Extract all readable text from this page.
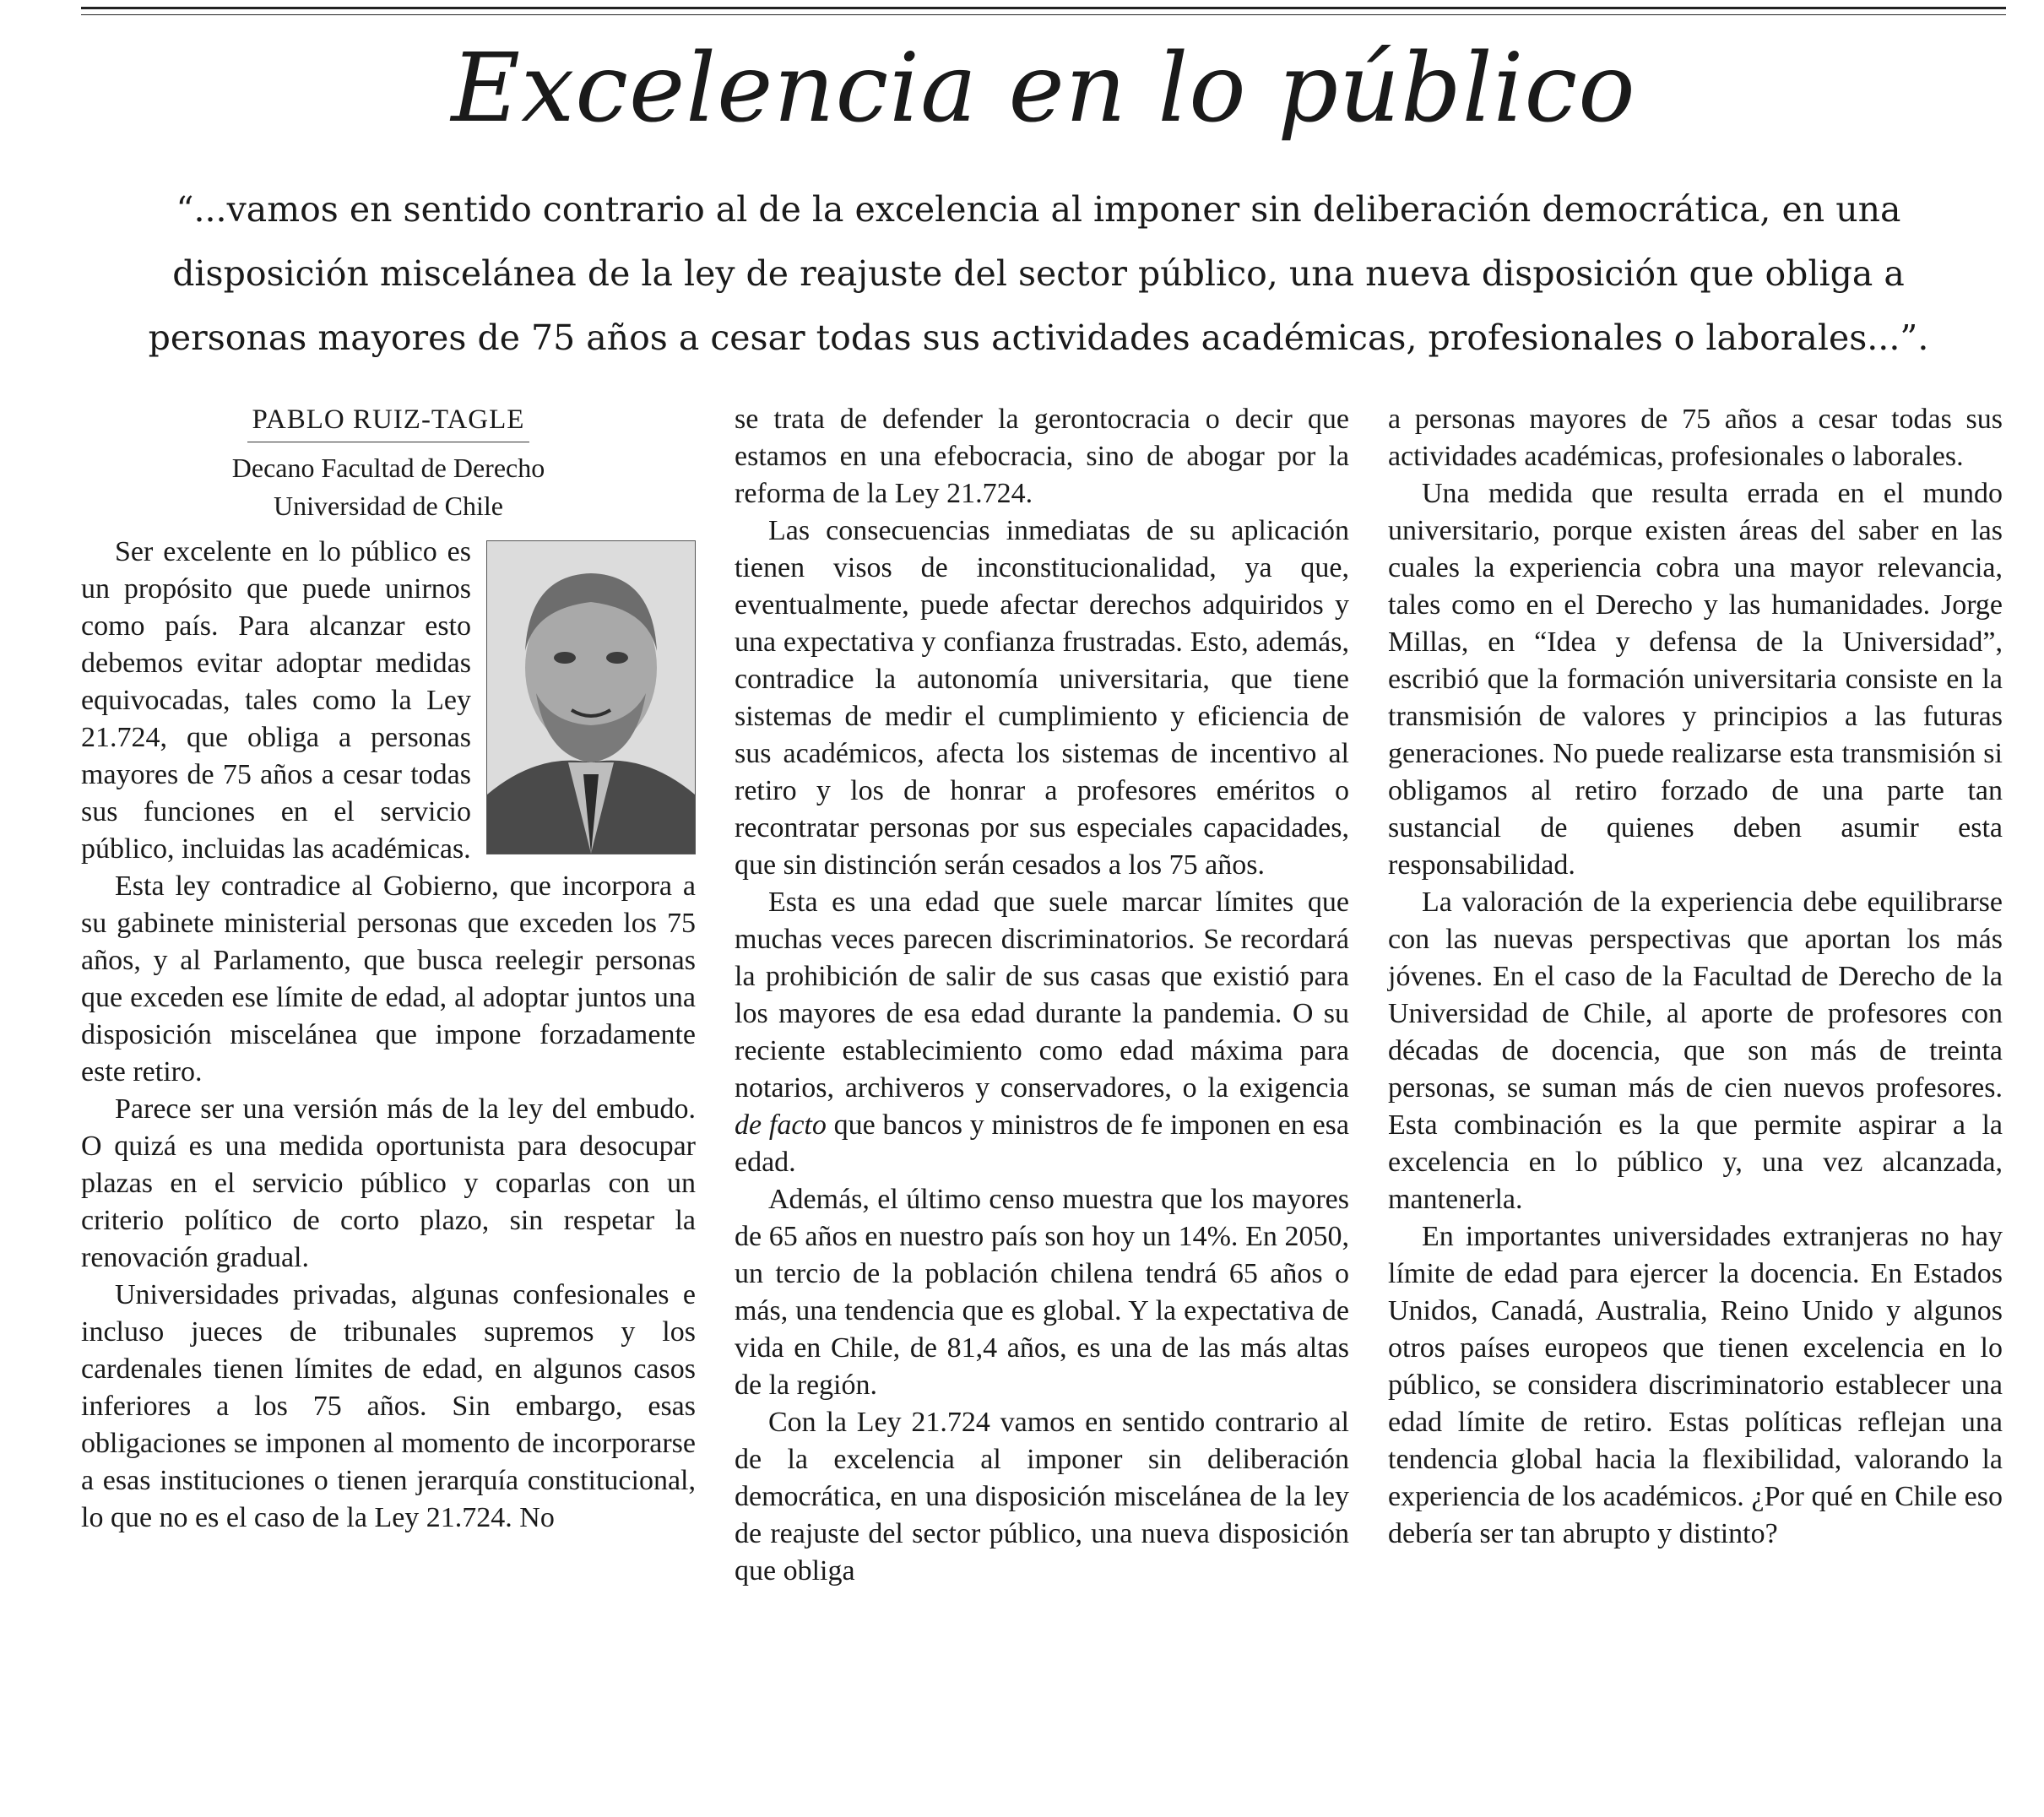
Excelencia en lo público

“...vamos en sentido contrario al de la excelencia al imponer sin deliberación democrática, en una disposición miscelánea de la ley de reajuste del sector público, una nueva disposición que obliga a personas mayores de 75 años a cesar todas sus actividades académicas, profesionales o laborales...”.

PABLO RUIZ-TAGLE
Decano Facultad de Derecho
Universidad de Chile

Ser excelente en lo público es un propósito que puede unirnos como país. Para alcanzar esto debemos evitar adoptar medidas equivocadas, tales como la Ley 21.724, que obliga a personas mayores de 75 años a cesar todas sus funciones en el servicio público, incluidas las académicas.

Esta ley contradice al Gobierno, que incorpora a su gabinete ministerial personas que exceden los 75 años, y al Parlamento, que busca reelegir personas que exceden ese límite de edad, al adoptar juntos una disposición miscelánea que impone forzadamente este retiro.

Parece ser una versión más de la ley del embudo. O quizá es una medida oportunista para desocupar plazas en el servicio público y coparlas con un criterio político de corto plazo, sin respetar la renovación gradual.

Universidades privadas, algunas confesionales e incluso jueces de tribunales supremos y los cardenales tienen límites de edad, en algunos casos inferiores a los 75 años. Sin embargo, esas obligaciones se imponen al momento de incorporarse a esas instituciones o tienen jerarquía constitucional, lo que no es el caso de la Ley 21.724. No

se trata de defender la gerontocracia o decir que estamos en una efebocracia, sino de abogar por la reforma de la Ley 21.724.

Las consecuencias inmediatas de su aplicación tienen visos de inconstitucionalidad, ya que, eventualmente, puede afectar derechos adquiridos y una expectativa y confianza frustradas. Esto, además, contradice la autonomía universitaria, que tiene sistemas de medir el cumplimiento y eficiencia de sus académicos, afecta los sistemas de incentivo al retiro y los de honrar a profesores eméritos o recontratar personas por sus especiales capacidades, que sin distinción serán cesados a los 75 años.

Esta es una edad que suele marcar límites que muchas veces parecen discriminatorios. Se recordará la prohibición de salir de sus casas que existió para los mayores de esa edad durante la pandemia. O su reciente establecimiento como edad máxima para notarios, archiveros y conservadores, o la exigencia de facto que bancos y ministros de fe imponen en esa edad.

Además, el último censo muestra que los mayores de 65 años en nuestro país son hoy un 14%. En 2050, un tercio de la población chilena tendrá 65 años o más, una tendencia que es global. Y la expectativa de vida en Chile, de 81,4 años, es una de las más altas de la región.

Con la Ley 21.724 vamos en sentido contrario al de la excelencia al imponer sin deliberación democrática, en una disposición miscelánea de la ley de reajuste del sector público, una nueva disposición que obliga

a personas mayores de 75 años a cesar todas sus actividades académicas, profesionales o laborales.

Una medida que resulta errada en el mundo universitario, porque existen áreas del saber en las cuales la experiencia cobra una mayor relevancia, tales como en el Derecho y las humanidades. Jorge Millas, en “Idea y defensa de la Universidad”, escribió que la formación universitaria consiste en la transmisión de valores y principios a las futuras generaciones. No puede realizarse esta transmisión si obligamos al retiro forzado de una parte tan sustancial de quienes deben asumir esta responsabilidad.

La valoración de la experiencia debe equilibrarse con las nuevas perspectivas que aportan los más jóvenes. En el caso de la Facultad de Derecho de la Universidad de Chile, al aporte de profesores con décadas de docencia, que son más de treinta personas, se suman más de cien nuevos profesores. Esta combinación es la que permite aspirar a la excelencia en lo público y, una vez alcanzada, mantenerla.

En importantes universidades extranjeras no hay límite de edad para ejercer la docencia. En Estados Unidos, Canadá, Australia, Reino Unido y algunos otros países europeos que tienen excelencia en lo público, se considera discriminatorio establecer una edad límite de retiro. Estas políticas reflejan una tendencia global hacia la flexibilidad, valorando la experiencia de los académicos. ¿Por qué en Chile eso debería ser tan abrupto y distinto?
